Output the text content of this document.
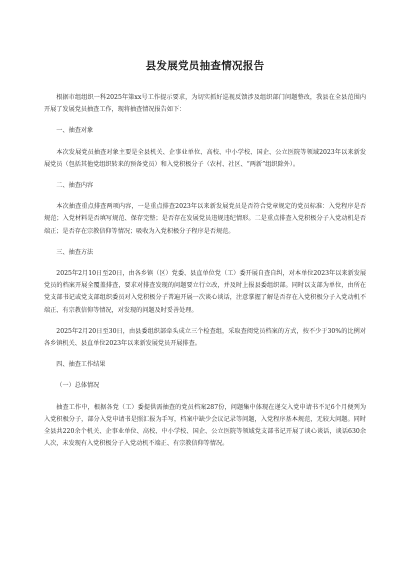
县发展党员抽查情况报告

根据市组组织一科2025年第xx号工作提示要求，为切实抓好巡视反馈涉及组织部门问题整改，我县在全县范围内开展了发展党员抽查工作，现将抽查情况报告如下：

一、抽查对象

本次发展党员抽查对象主要是全县机关、企事业单位、高校、中小学校、国企、公立医院等领域2023年以来新发展党员（包括其他党组织转来的预备党员）和入党积极分子（农村、社区、“两新”组织除外）。

二、抽查内容

本次抽查重点排查两项内容，一是重点排查2023年以来新发展党员是否符合党章规定的党员标准：入党程序是否规范；入党材料是否填写规范、保存完整；是否存在发展党员违规违纪情形。二是重点排查入党积极分子入党动机是否端正；是否存在宗教信仰等情况；吸收为入党积极分子程序是否规范。

三、抽查方法

2025年2月10日至20日，由各乡镇（区）党委、县直单位党（工）委开展自查自纠，对本单位2023年以来新发展党员的档案开展全覆盖排查，要求对排查发现的问题要立行立改，并及时上报县委组织部。同时以支部为单位，由所在党支部书记或党支部组织委员对入党积极分子普遍开展一次谈心谈话，注意掌握了解是否存在入党积极分子入党动机不端正、有宗教信仰等情况，对发现的问题及时妥善处理。

2025年2月20日至30日，由县委组织部牵头成立三个检查组，采取查阅党员档案的方式，按不少于30%的比例对各乡镇机关、县直单位2023年以来新发展党员开展排查。

四、抽查工作结果

（一）总体情况

抽查工作中，根据各党（工）委提供需抽查的党员档案287份，问题集中体现在递交入党申请书不足6个月便列为入党积极分子，部分入党申请书是照汇报为手写，档案中缺少会议记录等问题，入党程序基本规范，无较大问题。同时全县共220余个机关、企事业单位、高校、中小学校、国企、公立医院等领域党支部书记开展了谈心谈话，谈话630余人次，未发现有入党积极分子入党动机不端正、有宗教信仰等情况。
